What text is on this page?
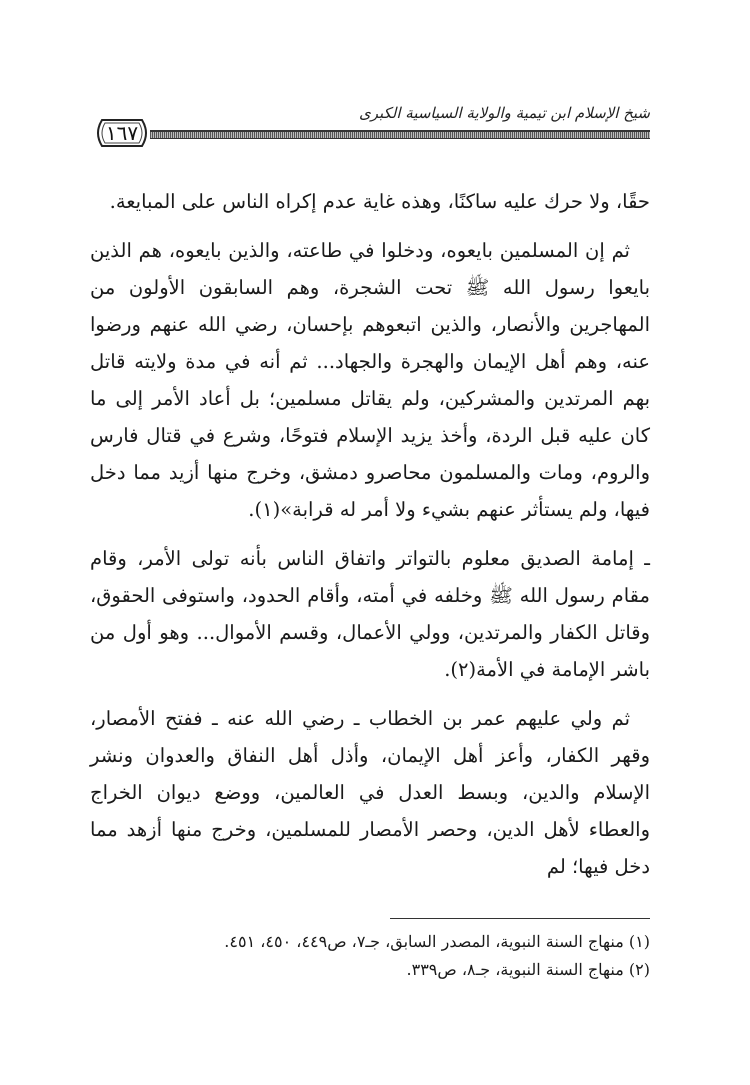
شيخ الإسلام ابن تيمية والولاية السياسية الكبرى
١٦٧

حقًا، ولا حرك عليه ساكنًا، وهذه غاية عدم إكراه الناس على المبايعة.

ثم إن المسلمين بايعوه، ودخلوا في طاعته، والذين بايعوه، هم الذين بايعوا رسول الله ﷺ تحت الشجرة، وهم السابقون الأولون من المهاجرين والأنصار، والذين اتبعوهم بإحسان، رضي الله عنهم ورضوا عنه، وهم أهل الإيمان والهجرة والجهاد... ثم أنه في مدة ولايته قاتل بهم المرتدين والمشركين، ولم يقاتل مسلمين؛ بل أعاد الأمر إلى ما كان عليه قبل الردة، وأخذ يزيد الإسلام فتوحًا، وشرع في قتال فارس والروم، ومات والمسلمون محاصرو دمشق، وخرج منها أزيد مما دخل فيها، ولم يستأثر عنهم بشيء ولا أمر له قرابة»(١).

ـ إمامة الصديق معلوم بالتواتر واتفاق الناس بأنه تولى الأمر، وقام مقام رسول الله ﷺ وخلفه في أمته، وأقام الحدود، واستوفى الحقوق، وقاتل الكفار والمرتدين، وولي الأعمال، وقسم الأموال... وهو أول من باشر الإمامة في الأمة(٢).

ثم ولي عليهم عمر بن الخطاب ـ رضي الله عنه ـ ففتح الأمصار، وقهر الكفار، وأعز أهل الإيمان، وأذل أهل النفاق والعدوان ونشر الإسلام والدين، وبسط العدل في العالمين، ووضع ديوان الخراج والعطاء لأهل الدين، وحصر الأمصار للمسلمين، وخرج منها أزهد مما دخل فيها؛ لم

(١) منهاج السنة النبوية، المصدر السابق، جـ٧، ص٤٤٩، ٤٥٠، ٤٥١.
(٢) منهاج السنة النبوية، جـ٨، ص٣٣٩.
